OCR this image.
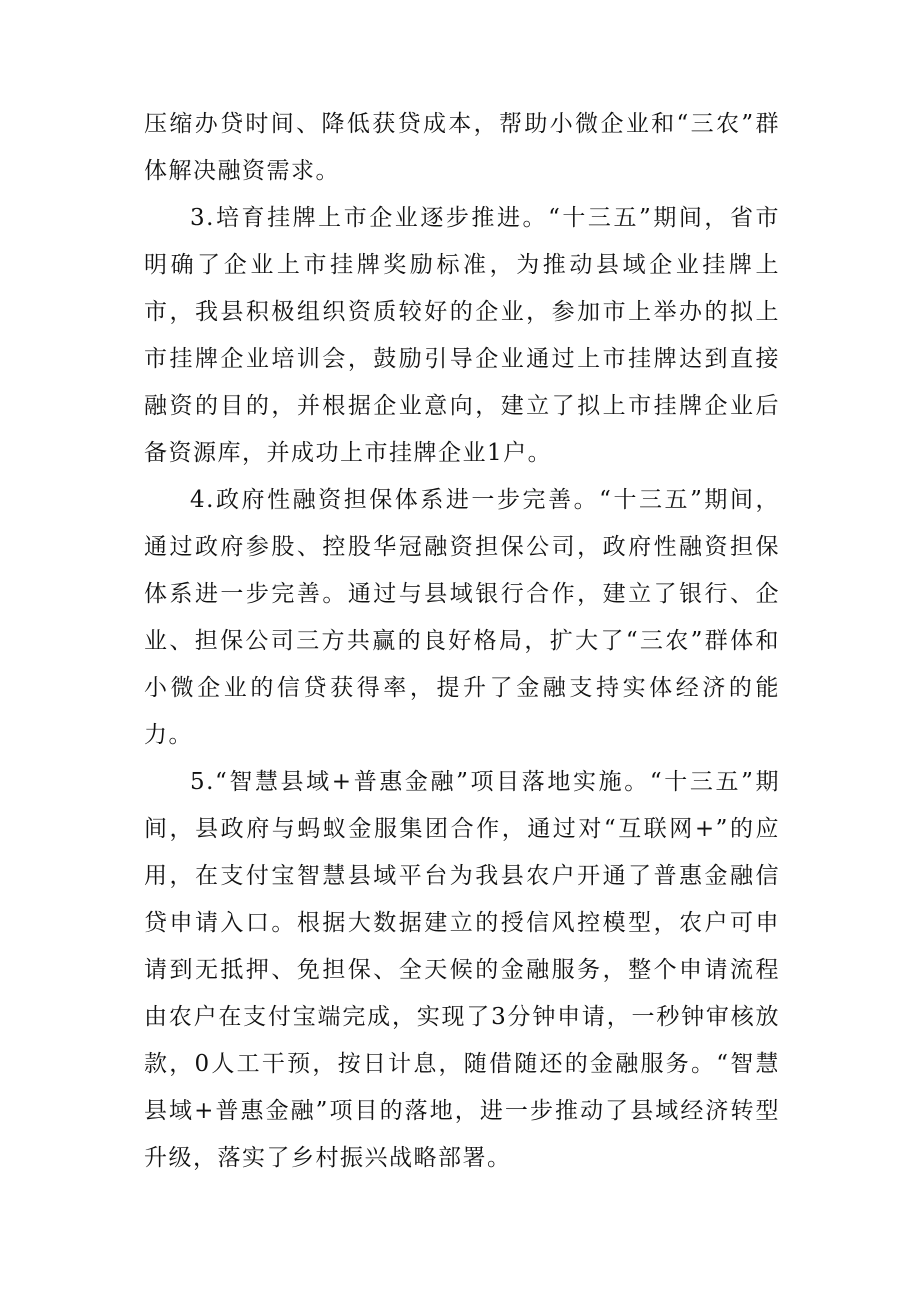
压缩办贷时间、降低获贷成本，帮助小微企业和“三农”群体解决融资需求。

3.培育挂牌上市企业逐步推进。“十三五”期间，省市明确了企业上市挂牌奖励标准，为推动县域企业挂牌上市，我县积极组织资质较好的企业，参加市上举办的拟上市挂牌企业培训会，鼓励引导企业通过上市挂牌达到直接融资的目的，并根据企业意向，建立了拟上市挂牌企业后备资源库，并成功上市挂牌企业1户。

4.政府性融资担保体系进一步完善。“十三五”期间，通过政府参股、控股华冠融资担保公司，政府性融资担保体系进一步完善。通过与县域银行合作，建立了银行、企业、担保公司三方共赢的良好格局，扩大了“三农”群体和小微企业的信贷获得率，提升了金融支持实体经济的能力。

5.“智慧县域+普惠金融”项目落地实施。“十三五”期间，县政府与蚂蚁金服集团合作，通过对“互联网+”的应用，在支付宝智慧县域平台为我县农户开通了普惠金融信贷申请入口。根据大数据建立的授信风控模型，农户可申请到无抵押、免担保、全天候的金融服务，整个申请流程由农户在支付宝端完成，实现了3分钟申请，一秒钟审核放款，0人工干预，按日计息，随借随还的金融服务。“智慧县域+普惠金融”项目的落地，进一步推动了县域经济转型升级，落实了乡村振兴战略部署。
